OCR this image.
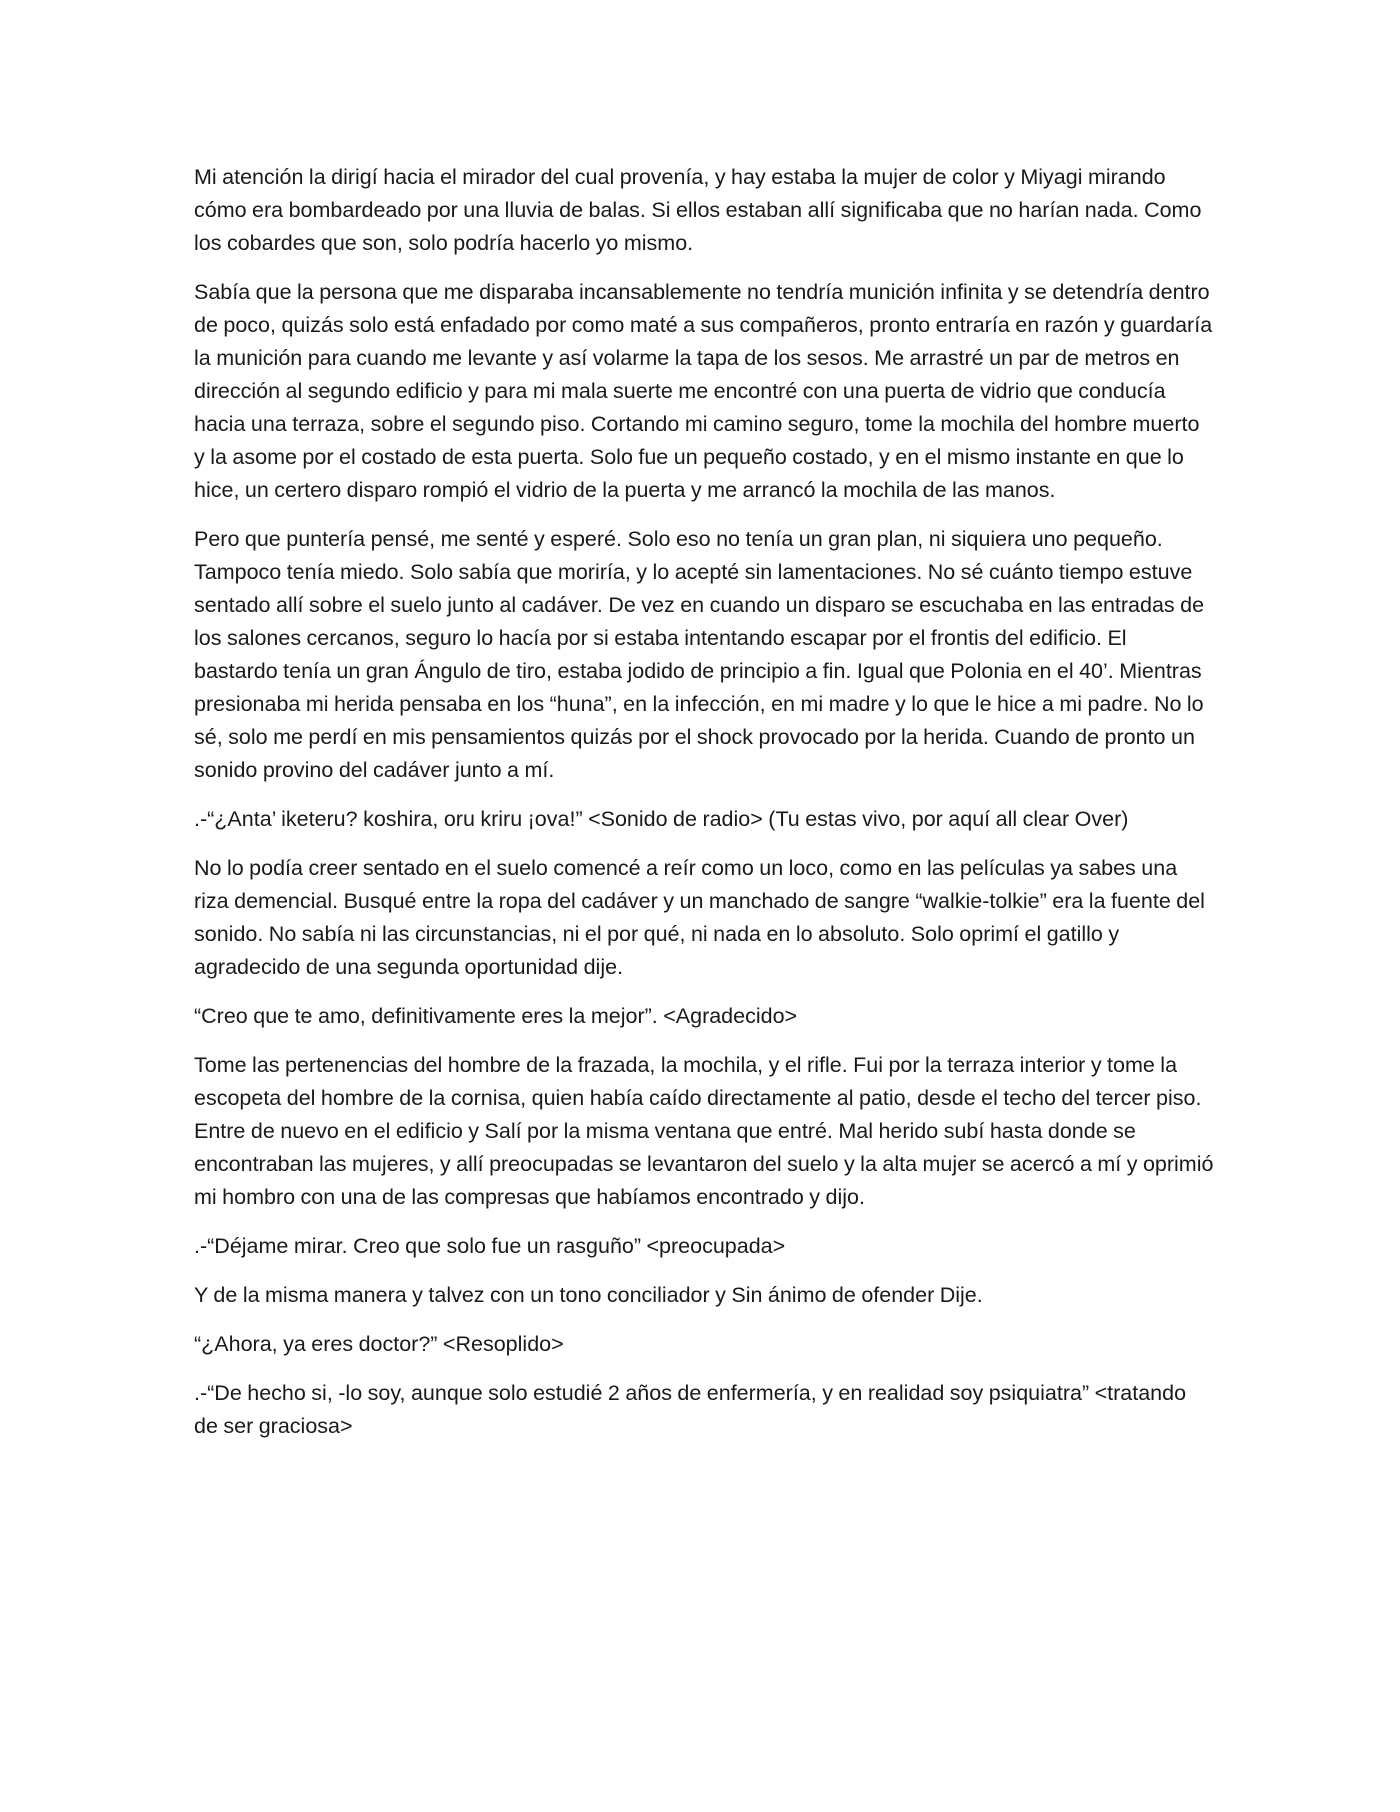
Mi atención la dirigí hacia el mirador del cual provenía, y hay estaba la mujer de color y Miyagi mirando cómo era bombardeado por una lluvia de balas. Si ellos estaban allí significaba que no harían nada. Como los cobardes que son, solo podría hacerlo yo mismo.

Sabía que la persona que me disparaba incansablemente no tendría munición infinita y se detendría dentro de poco, quizás solo está enfadado por como maté a sus compañeros, pronto entraría en razón y guardaría la munición para cuando me levante y así volarme la tapa de los sesos. Me arrastré un par de metros en dirección al segundo edificio y para mi mala suerte me encontré con una puerta de vidrio que conducía hacia una terraza, sobre el segundo piso. Cortando mi camino seguro, tome la mochila del hombre muerto y la asome por el costado de esta puerta. Solo fue un pequeño costado, y en el mismo instante en que lo hice, un certero disparo rompió el vidrio de la puerta y me arrancó la mochila de las manos.

Pero que puntería pensé, me senté y esperé. Solo eso no tenía un gran plan, ni siquiera uno pequeño. Tampoco tenía miedo. Solo sabía que moriría, y lo acepté sin lamentaciones. No sé cuánto tiempo estuve sentado allí sobre el suelo junto al cadáver. De vez en cuando un disparo se escuchaba en las entradas de los salones cercanos, seguro lo hacía por si estaba intentando escapar por el frontis del edificio. El bastardo tenía un gran Ángulo de tiro, estaba jodido de principio a fin. Igual que Polonia en el 40’. Mientras presionaba mi herida pensaba en los “huna”, en la infección, en mi madre y lo que le hice a mi padre. No lo sé, solo me perdí en mis pensamientos quizás por el shock provocado por la herida. Cuando de pronto un sonido provino del cadáver junto a mí.

.-“¿Anta’ iketeru? koshira, oru kriru ¡ova!” <Sonido de radio> (Tu estas vivo, por aquí all clear Over)

No lo podía creer sentado en el suelo comencé a reír como un loco, como en las películas ya sabes una riza demencial. Busqué entre la ropa del cadáver y un manchado de sangre “walkie-tolkie” era la fuente del sonido. No sabía ni las circunstancias, ni el por qué, ni nada en lo absoluto. Solo oprimí el gatillo y agradecido de una segunda oportunidad dije.

“Creo que te amo, definitivamente eres la mejor”. <Agradecido>

Tome las pertenencias del hombre de la frazada, la mochila, y el rifle. Fui por la terraza interior y tome la escopeta del hombre de la cornisa, quien había caído directamente al patio, desde el techo del tercer piso. Entre de nuevo en el edificio y Salí por la misma ventana que entré. Mal herido subí hasta donde se encontraban las mujeres, y allí preocupadas se levantaron del suelo y la alta mujer se acercó a mí y oprimió mi hombro con una de las compresas que habíamos encontrado y dijo.

.-“Déjame mirar. Creo que solo fue un rasguño” <preocupada>

Y de la misma manera y talvez con un tono conciliador y Sin ánimo de ofender Dije.

“¿Ahora, ya eres doctor?” <Resoplido>

.-“De hecho si, -lo soy, aunque solo estudié 2 años de enfermería, y en realidad soy psiquiatra” <tratando de ser graciosa>
